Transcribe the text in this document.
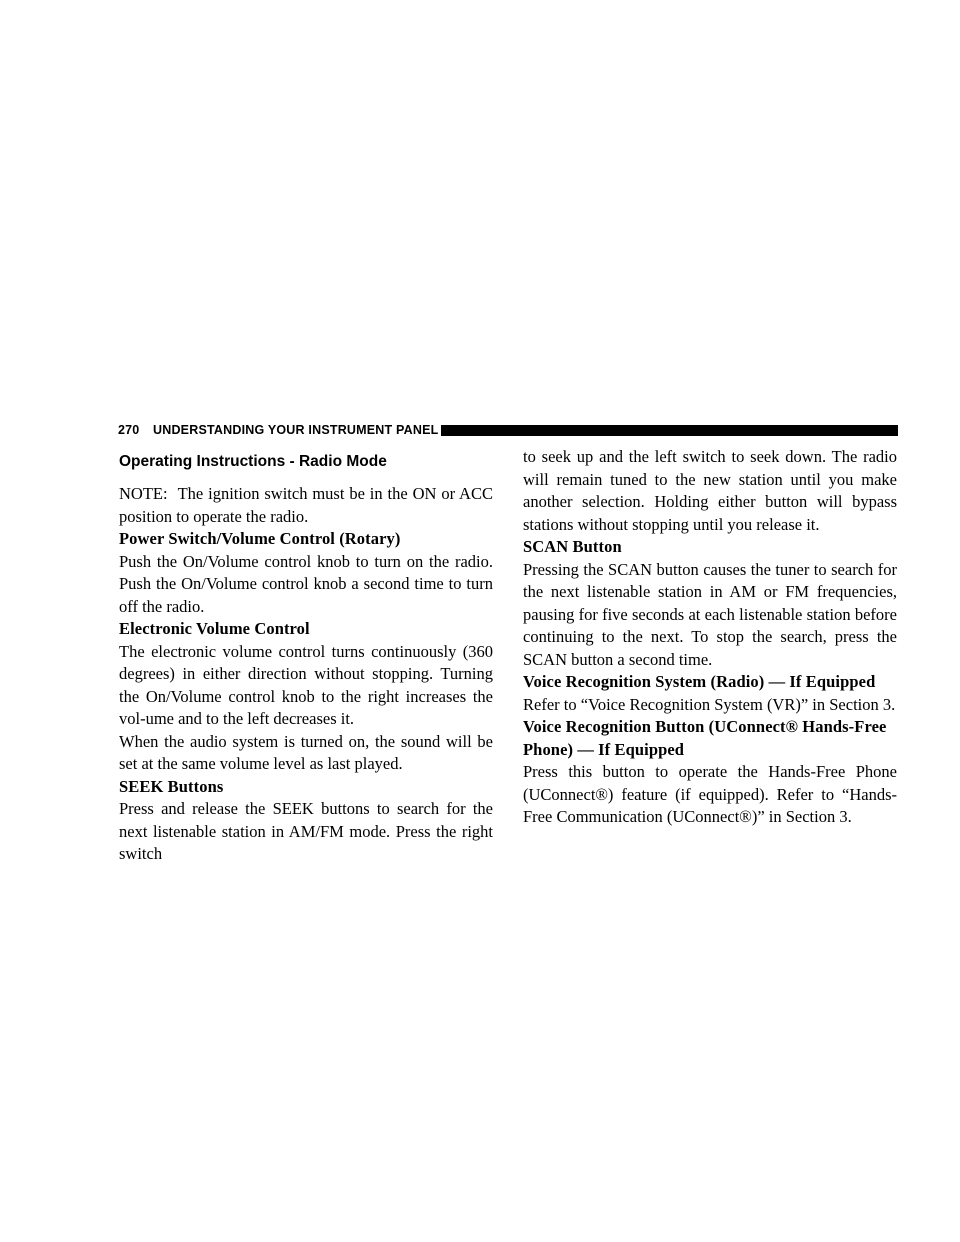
270 UNDERSTANDING YOUR INSTRUMENT PANEL
Operating Instructions - Radio Mode

NOTE: The ignition switch must be in the ON or ACC position to operate the radio.

Power Switch/Volume Control (Rotary)

Push the On/Volume control knob to turn on the radio. Push the On/Volume control knob a second time to turn off the radio.

Electronic Volume Control

The electronic volume control turns continuously (360 degrees) in either direction without stopping. Turning the On/Volume control knob to the right increases the vol-ume and to the left decreases it.

When the audio system is turned on, the sound will be set at the same volume level as last played.

SEEK Buttons

Press and release the SEEK buttons to search for the next listenable station in AM/FM mode. Press the right switch

to seek up and the left switch to seek down. The radio will remain tuned to the new station until you make another selection. Holding either button will bypass stations without stopping until you release it.

SCAN Button

Pressing the SCAN button causes the tuner to search for the next listenable station in AM or FM frequencies, pausing for five seconds at each listenable station before continuing to the next. To stop the search, press the SCAN button a second time.

Voice Recognition System (Radio) — If Equipped

Refer to “Voice Recognition System (VR)” in Section 3.

Voice Recognition Button (UConnect® Hands-Free Phone) — If Equipped

Press this button to operate the Hands-Free Phone (UConnect®) feature (if equipped). Refer to “Hands-Free Communication (UConnect®)” in Section 3.
